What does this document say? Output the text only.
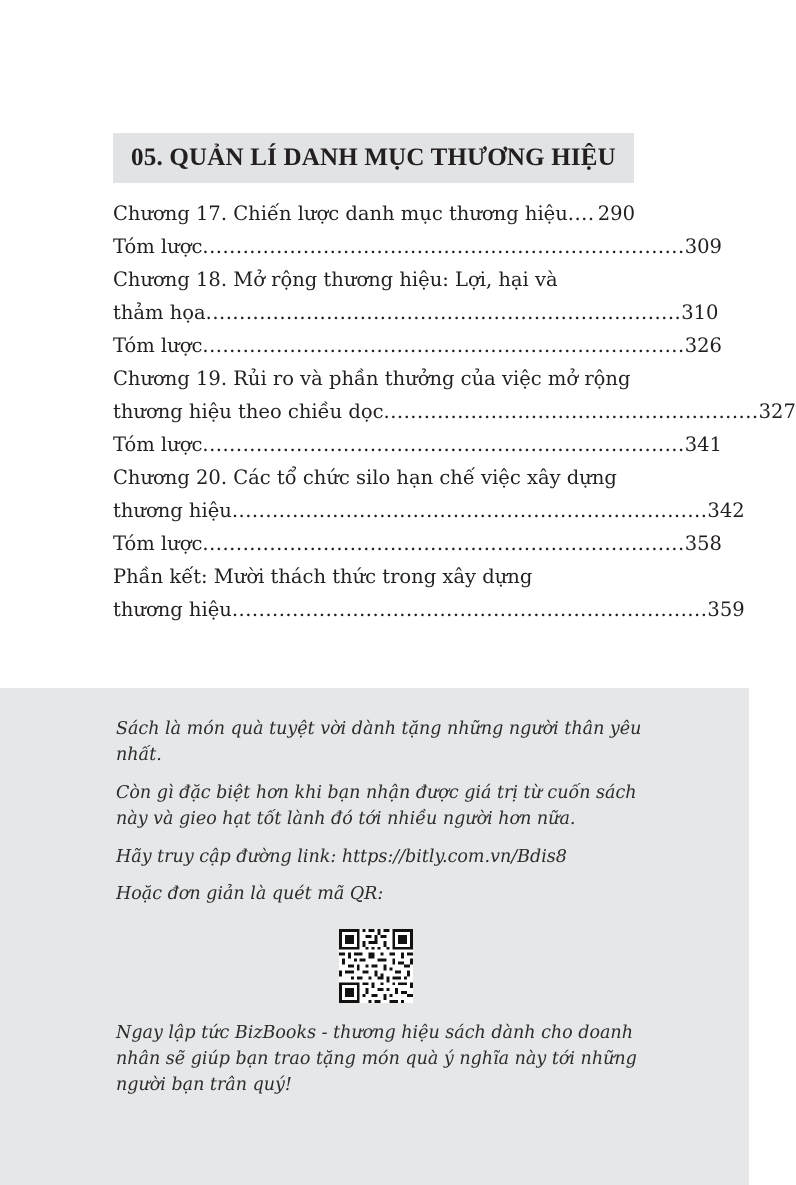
05. QUẢN LÍ DANH MỤC THƯƠNG HIỆU
Chương 17. Chiến lược danh mục thương hiệu .... 290
Tóm lược ........................................................................ 309
Chương 18. Mở rộng thương hiệu: Lợi, hại và
thảm họa ....................................................................... 310
Tóm lược ........................................................................ 326
Chương 19. Rủi ro và phần thưởng của việc mở rộng
thương hiệu theo chiều dọc ........................................................ 327
Tóm lược ........................................................................ 341
Chương 20. Các tổ chức silo hạn chế việc xây dựng
thương hiệu ....................................................................... 342
Tóm lược ........................................................................ 358
Phần kết: Mười thách thức trong xây dựng
thương hiệu ....................................................................... 359

Sách là món quà tuyệt vời dành tặng những người thân yêu nhất.

Còn gì đặc biệt hơn khi bạn nhận được giá trị từ cuốn sách này và gieo hạt tốt lành đó tới nhiều người hơn nữa.

Hãy truy cập đường link: https://bitly.com.vn/Bdis8

Hoặc đơn giản là quét mã QR:

Ngay lập tức BizBooks - thương hiệu sách dành cho doanh nhân sẽ giúp bạn trao tặng món quà ý nghĩa này tới những người bạn trân quý!
